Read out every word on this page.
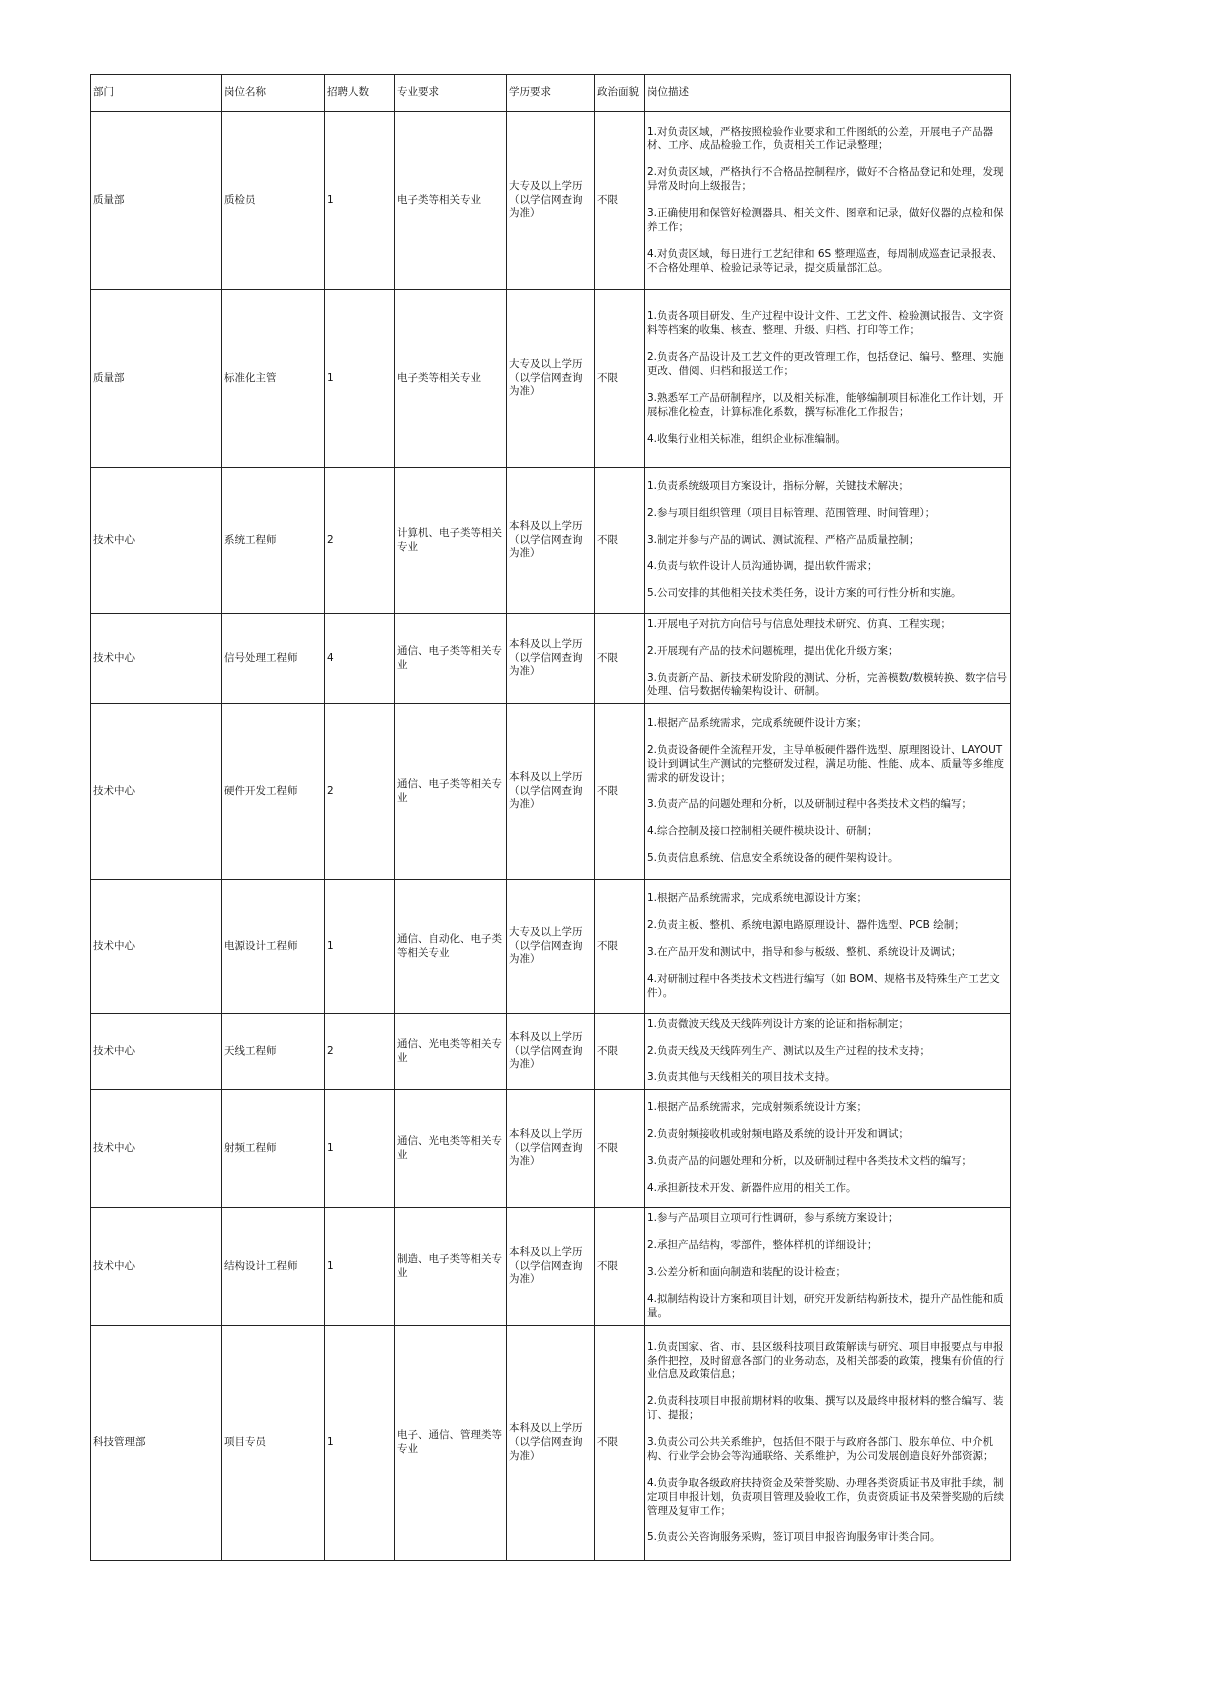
部门	岗位名称	招聘人数	专业要求	学历要求	政治面貌	岗位描述
质量部	质检员	1	电子类等相关专业	大专及以上学历（以学信网查询为准）	不限	1.对负责区域，严格按照检验作业要求和工件图纸的公差，开展电子产品器材、工序、成品检验工作，负责相关工作记录整理；

2.对负责区域，严格执行不合格品控制程序，做好不合格品登记和处理，发现异常及时向上级报告；

3.正确使用和保管好检测器具、相关文件、图章和记录，做好仪器的点检和保养工作；

4.对负责区域，每日进行工艺纪律和 6S 整理巡查，每周制成巡查记录报表、不合格处理单、检验记录等记录，提交质量部汇总。

质量部	标准化主管	1	电子类等相关专业	大专及以上学历（以学信网查询为准）	不限	1.负责各项目研发、生产过程中设计文件、工艺文件、检验测试报告、文字资料等档案的收集、核查、整理、升级、归档、打印等工作；

2.负责各产品设计及工艺文件的更改管理工作，包括登记、编号、整理、实施更改、借阅、归档和报送工作；

3.熟悉军工产品研制程序，以及相关标准，能够编制项目标准化工作计划，开展标准化检查，计算标准化系数，撰写标准化工作报告；

4.收集行业相关标准，组织企业标准编制。

技术中心	系统工程师	2	计算机、电子类等相关专业	本科及以上学历（以学信网查询为准）	不限	1.负责系统级项目方案设计，指标分解，关键技术解决；

2.参与项目组织管理（项目目标管理、范围管理、时间管理）；

3.制定并参与产品的调试、测试流程、严格产品质量控制；

4.负责与软件设计人员沟通协调，提出软件需求；

5.公司安排的其他相关技术类任务，设计方案的可行性分析和实施。

技术中心	信号处理工程师	4	通信、电子类等相关专业	本科及以上学历（以学信网查询为准）	不限	1.开展电子对抗方向信号与信息处理技术研究、仿真、工程实现；

2.开展现有产品的技术问题梳理，提出优化升级方案；

3.负责新产品、新技术研发阶段的测试、分析，完善模数/数模转换、数字信号处理、信号数据传输架构设计、研制。

技术中心	硬件开发工程师	2	通信、电子类等相关专业	本科及以上学历（以学信网查询为准）	不限	1.根据产品系统需求，完成系统硬件设计方案；

2.负责设备硬件全流程开发，主导单板硬件器件选型、原理图设计、LAYOUT 设计到调试生产测试的完整研发过程，满足功能、性能、成本、质量等多维度需求的研发设计；

3.负责产品的问题处理和分析，以及研制过程中各类技术文档的编写；

4.综合控制及接口控制相关硬件模块设计、研制；

5.负责信息系统、信息安全系统设备的硬件架构设计。

技术中心	电源设计工程师	1	通信、自动化、电子类等相关专业	大专及以上学历（以学信网查询为准）	不限	1.根据产品系统需求，完成系统电源设计方案；

2.负责主板、整机、系统电源电路原理设计、器件选型、PCB 绘制；

3.在产品开发和测试中，指导和参与板级、整机、系统设计及调试；

4.对研制过程中各类技术文档进行编写（如 BOM、规格书及特殊生产工艺文件）。

技术中心	天线工程师	2	通信、光电类等相关专业	本科及以上学历（以学信网查询为准）	不限	1.负责微波天线及天线阵列设计方案的论证和指标制定；

2.负责天线及天线阵列生产、测试以及生产过程的技术支持；

3.负责其他与天线相关的项目技术支持。

技术中心	射频工程师	1	通信、光电类等相关专业	本科及以上学历（以学信网查询为准）	不限	1.根据产品系统需求，完成射频系统设计方案；

2.负责射频接收机或射频电路及系统的设计开发和调试；

3.负责产品的问题处理和分析，以及研制过程中各类技术文档的编写；

4.承担新技术开发、新器件应用的相关工作。

技术中心	结构设计工程师	1	制造、电子类等相关专业	本科及以上学历（以学信网查询为准）	不限	1.参与产品项目立项可行性调研，参与系统方案设计；

2.承担产品结构，零部件，整体样机的详细设计；

3.公差分析和面向制造和装配的设计检查；

4.拟制结构设计方案和项目计划，研究开发新结构新技术，提升产品性能和质量。

科技管理部	项目专员	1	电子、通信、管理类等专业	本科及以上学历（以学信网查询为准）	不限	1.负责国家、省、市、县区级科技项目政策解读与研究、项目申报要点与申报条件把控，及时留意各部门的业务动态，及相关部委的政策，搜集有价值的行业信息及政策信息；

2.负责科技项目申报前期材料的收集、撰写以及最终申报材料的整合编写、装订、提报；

3.负责公司公共关系维护，包括但不限于与政府各部门、股东单位、中介机构、行业学会协会等沟通联络、关系维护，为公司发展创造良好外部资源；

4.负责争取各级政府扶持资金及荣誉奖励、办理各类资质证书及审批手续，制定项目申报计划，负责项目管理及验收工作，负责资质证书及荣誉奖励的后续管理及复审工作；

5.负责公关咨询服务采购，签订项目申报咨询服务审计类合同。
